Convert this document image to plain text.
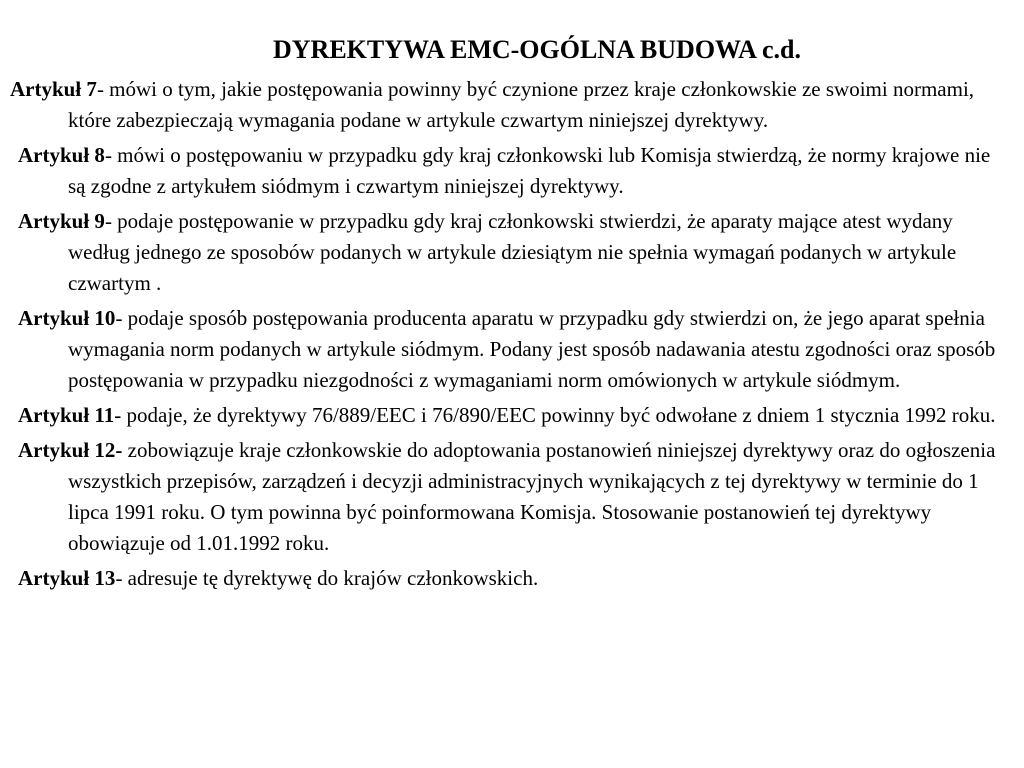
DYREKTYWA EMC-OGÓLNA BUDOWA c.d.
Artykuł 7- mówi o tym, jakie postępowania powinny być czynione przez kraje członkowskie ze swoimi normami, które zabezpieczają wymagania podane w artykule czwartym niniejszej dyrektywy.
Artykuł 8- mówi o postępowaniu w przypadku gdy kraj członkowski lub Komisja stwierdzą, że normy krajowe nie są zgodne z artykułem siódmym i czwartym niniejszej dyrektywy.
Artykuł 9- podaje postępowanie w przypadku gdy kraj członkowski stwierdzi, że aparaty mające atest wydany według jednego ze sposobów podanych w artykule dziesiątym nie spełnia wymagań podanych w artykule czwartym .
Artykuł 10- podaje sposób postępowania producenta aparatu w przypadku gdy stwierdzi on, że jego aparat spełnia wymagania norm podanych w artykule siódmym. Podany jest sposób nadawania atestu zgodności oraz sposób postępowania w przypadku niezgodności z wymaganiami norm omówionych w artykule siódmym.
Artykuł 11- podaje, że dyrektywy 76/889/EEC i 76/890/EEC powinny być odwołane z dniem 1 stycznia 1992 roku.
Artykuł 12- zobowiązuje kraje członkowskie do adoptowania postanowień niniejszej dyrektywy oraz do ogłoszenia wszystkich przepisów, zarządzeń i decyzji administracyjnych wynikających z tej dyrektywy w terminie do 1 lipca 1991 roku. O tym powinna być poinformowana Komisja. Stosowanie postanowień tej dyrektywy obowiązuje od 1.01.1992 roku.
Artykuł 13- adresuje tę dyrektywę do krajów członkowskich.
